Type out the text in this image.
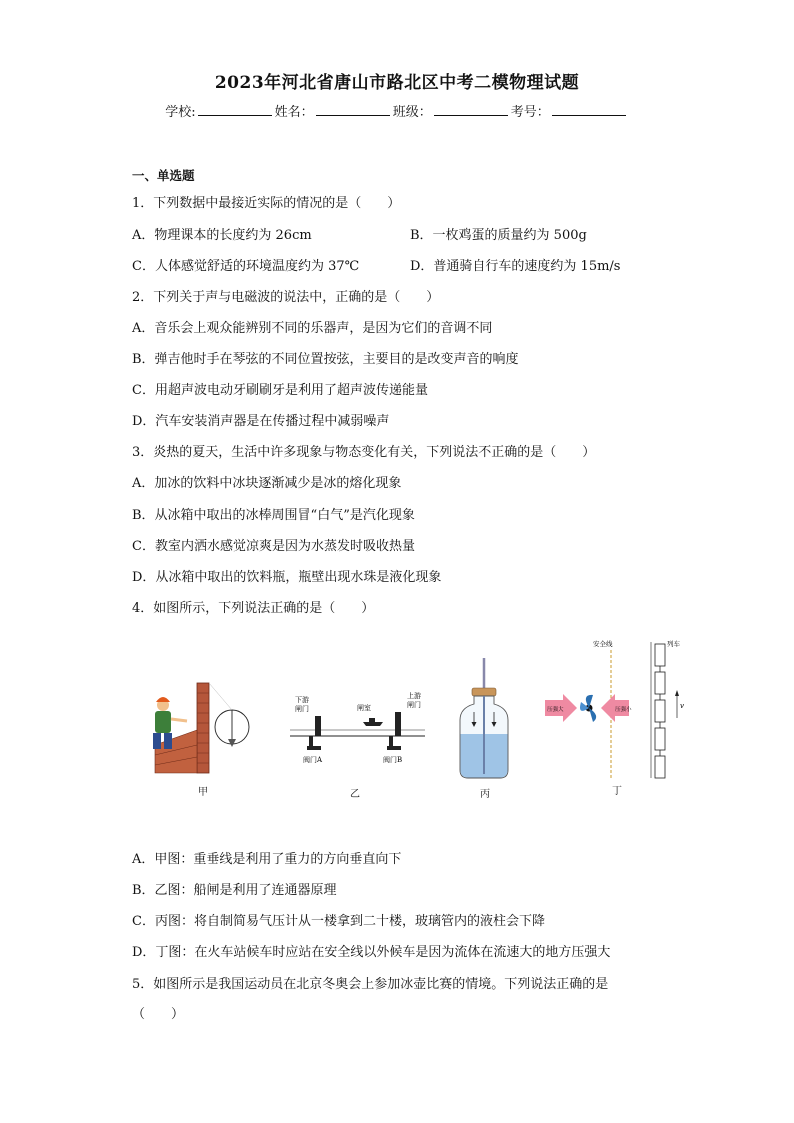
2023年河北省唐山市路北区中考二模物理试题
学校:	姓名：	班级：	考号：
一、单选题
1．下列数据中最接近实际的情况的是（　　）
A．物理课本的长度约为 26cm	B．一枚鸡蛋的质量约为 500g
C．人体感觉舒适的环境温度约为 37℃	D．普通骑自行车的速度约为 15m/s
2．下列关于声与电磁波的说法中，正确的是（　　）
A．音乐会上观众能辨别不同的乐器声，是因为它们的音调不同
B．弹吉他时手在琴弦的不同位置按弦，主要目的是改变声音的响度
C．用超声波电动牙刷刷牙是利用了超声波传递能量
D．汽车安装消声器是在传播过程中减弱噪声
3．炎热的夏天，生活中许多现象与物态变化有关，下列说法不正确的是（　　）
A．加冰的饮料中冰块逐渐减少是冰的熔化现象
B．从冰箱中取出的冰棒周围冒“白气”是汽化现象
C．教室内洒水感觉凉爽是因为水蒸发时吸收热量
D．从冰箱中取出的饮料瓶，瓶壁出现水珠是液化现象
4．如图所示，下列说法正确的是（　　）
甲
下游
闸门	闸室
上游
闸门
阀门A	阀门B
乙	丙
安全线	列车
v
压强大	压强小
丁
A．甲图：重垂线是利用了重力的方向垂直向下
B．乙图：船闸是利用了连通器原理
C．丙图：将自制简易气压计从一楼拿到二十楼，玻璃管内的液柱会下降
D．丁图：在火车站候车时应站在安全线以外候车是因为流体在流速大的地方压强大
5．如图所示是我国运动员在北京冬奥会上参加冰壶比赛的情境。下列说法正确的是
（　　）
